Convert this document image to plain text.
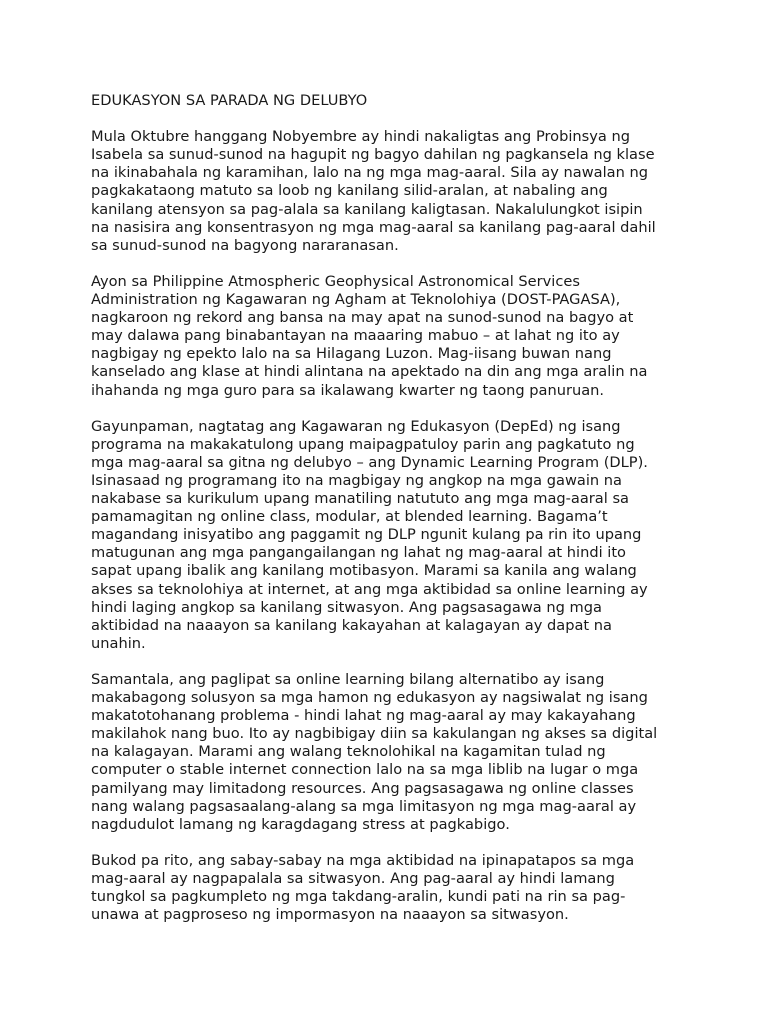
EDUKASYON SA PARADA NG DELUBYO

Mula Oktubre hanggang Nobyembre ay hindi nakaligtas ang Probinsya ng
Isabela sa sunud-sunod na hagupit ng bagyo dahilan ng pagkansela ng klase
na ikinabahala ng karamihan, lalo na ng mga mag-aaral. Sila ay nawalan ng
pagkakataong matuto sa loob ng kanilang silid-aralan, at nabaling ang
kanilang atensyon sa pag-alala sa kanilang kaligtasan. Nakalulungkot isipin
na nasisira ang konsentrasyon ng mga mag-aaral sa kanilang pag-aaral dahil
sa sunud-sunod na bagyong nararanasan.

Ayon sa Philippine Atmospheric Geophysical Astronomical Services
Administration ng Kagawaran ng Agham at Teknolohiya (DOST-PAGASA),
nagkaroon ng rekord ang bansa na may apat na sunod-sunod na bagyo at
may dalawa pang binabantayan na maaaring mabuo – at lahat ng ito ay
nagbigay ng epekto lalo na sa Hilagang Luzon. Mag-iisang buwan nang
kanselado ang klase at hindi alintana na apektado na din ang mga aralin na
ihahanda ng mga guro para sa ikalawang kwarter ng taong panuruan.

Gayunpaman, nagtatag ang Kagawaran ng Edukasyon (DepEd) ng isang
programa na makakatulong upang maipagpatuloy parin ang pagkatuto ng
mga mag-aaral sa gitna ng delubyo – ang Dynamic Learning Program (DLP).
Isinasaad ng programang ito na magbigay ng angkop na mga gawain na
nakabase sa kurikulum upang manatiling natututo ang mga mag-aaral sa
pamamagitan ng online class, modular, at blended learning. Bagama’t
magandang inisyatibo ang paggamit ng DLP ngunit kulang pa rin ito upang
matugunan ang mga pangangailangan ng lahat ng mag-aaral at hindi ito
sapat upang ibalik ang kanilang motibasyon. Marami sa kanila ang walang
akses sa teknolohiya at internet, at ang mga aktibidad sa online learning ay
hindi laging angkop sa kanilang sitwasyon. Ang pagsasagawa ng mga
aktibidad na naaayon sa kanilang kakayahan at kalagayan ay dapat na
unahin.

Samantala, ang paglipat sa online learning bilang alternatibo ay isang
makabagong solusyon sa mga hamon ng edukasyon ay nagsiwalat ng isang
makatotohanang problema - hindi lahat ng mag-aaral ay may kakayahang
makilahok nang buo. Ito ay nagbibigay diin sa kakulangan ng akses sa digital
na kalagayan. Marami ang walang teknolohikal na kagamitan tulad ng
computer o stable internet connection lalo na sa mga liblib na lugar o mga
pamilyang may limitadong resources. Ang pagsasagawa ng online classes
nang walang pagsasaalang-alang sa mga limitasyon ng mga mag-aaral ay
nagdudulot lamang ng karagdagang stress at pagkabigo.

Bukod pa rito, ang sabay-sabay na mga aktibidad na ipinapatapos sa mga
mag-aaral ay nagpapalala sa sitwasyon. Ang pag-aaral ay hindi lamang
tungkol sa pagkumpleto ng mga takdang-aralin, kundi pati na rin sa pag-
unawa at pagproseso ng impormasyon na naaayon sa sitwasyon.
